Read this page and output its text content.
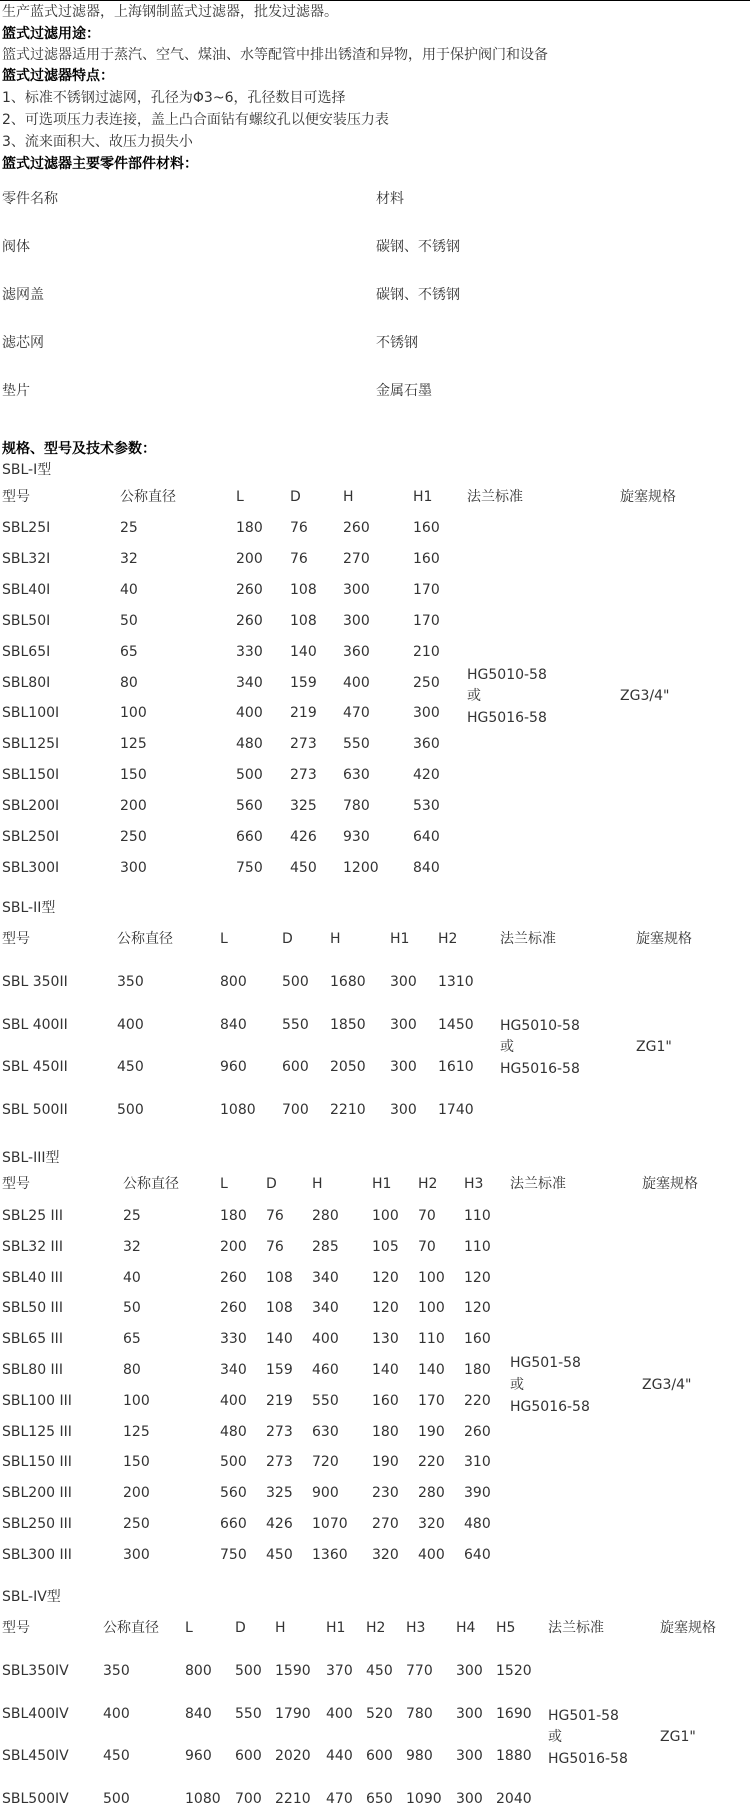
生产蓝式过滤器，上海钢制蓝式过滤器，批发过滤器。
篮式过滤用途：
篮式过滤器适用于蒸汽、空气、煤油、水等配管中排出锈渣和异物，用于保护阀门和设备
篮式过滤器特点：
1、标准不锈钢过滤网，孔径为Φ3~6，孔径数目可选择
2、可选项压力表连接，盖上凸合面钻有螺纹孔以便安装压力表
3、流来面积大、故压力损失小
篮式过滤器主要零件部件材料：
零件名称	材料
阀体	碳钢、不锈钢
滤网盖	碳钢、不锈钢
滤芯网	不锈钢
垫片	金属石墨
规格、型号及技术参数：
SBL-I型
型号	公称直径	L	D	H	H1 法兰标准	旋塞规格
SBL25I	25	180 76	260	160
SBL32I	32	200 76	270	160
SBL40I	40	260 108 300	170
SBL50I	50	260 108 300	170
SBL65I	65	330 140 360	210
SBL80I	80	340 159 400	250
SBL100I	100	400 219 470	300
SBL125I	125	480 273 550	360
SBL150I	150	500 273 630	420
SBL200I	200	560 325 780	530
SBL250I	250	660 426 930	640
SBL300I	300	750 450 1200 840
HG5010-58
或
HG5016-58
ZG3/4"
SBL-II型
型号	公称直径	L	D	H	H1 H2	法兰标准	旋塞规格
SBL 350II	350	800	500 1680 300 1310
SBL 400II	400	840	550 1850 300 1450
SBL 450II	450	960	600 2050 300 1610
SBL 500II	500	1080 700 2210 300 1740
HG5010-58
或
HG5016-58
ZG1"
SBL-III型
型号	公称直径	L	D	H	H1 H2 H3 法兰标准	旋塞规格
SBL25 III	25	180 76 280 100 70 110
SBL32 III	32	200 76 285 105 70 110
SBL40 III	40	260 108 340 120 100 120
SBL50 III	50	260 108 340 120 100 120
SBL65 III	65	330 140 400 130 110 160
SBL80 III	80	340 159 460 140 140 180
SBL100 III	100	400 219 550 160 170 220
SBL125 III	125	480 273 630 180 190 260
SBL150 III	150	500 273 720 190 220 310
SBL200 III	200	560 325 900 230 280 390
SBL250 III	250	660 426 1070 270 320 480
SBL300 III	300	750 450 1360 320 400 640
HG501-58
或
HG5016-58
ZG3/4"
SBL-IV型
型号	公称直径 L	D H	H1 H2 H3 H4 H5 法兰标准	旋塞规格
SBL350IV 350	800 500 1590 370 450 770 300 1520
SBL400IV 400	840 550 1790 400 520 780 300 1690
SBL450IV 450	960 600 2020 440 600 980 300 1880
SBL500IV 500	1080 700 2210 470 650 1090 300 2040
HG501-58
或
HG5016-58
ZG1"
